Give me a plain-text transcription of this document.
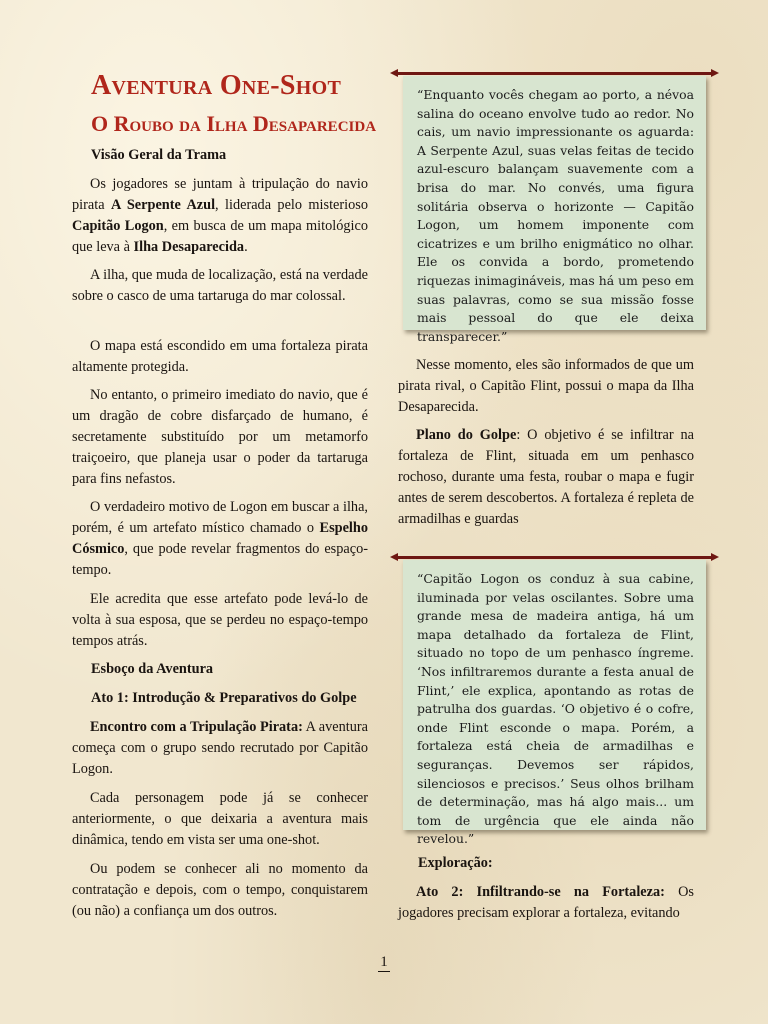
Aventura One-Shot
O Roubo da Ilha Desaparecida
Visão Geral da Trama

Os jogadores se juntam à tripulação do navio pirata A Serpente Azul, liderada pelo misterioso Capitão Logon, em busca de um mapa mitológico que leva à Ilha Desaparecida.

A ilha, que muda de localização, está na verdade sobre o casco de uma tartaruga do mar colossal.

O mapa está escondido em uma fortaleza pirata altamente protegida.

No entanto, o primeiro imediato do navio, que é um dragão de cobre disfarçado de humano, é secretamente substituído por um metamorfo traiçoeiro, que planeja usar o poder da tartaruga para fins nefastos.

O verdadeiro motivo de Logon em buscar a ilha, porém, é um artefato místico chamado o Espelho Cósmico, que pode revelar fragmentos do espaço-tempo.

Ele acredita que esse artefato pode levá-lo de volta à sua esposa, que se perdeu no espaço-tempo tempos atrás.

Esboço da Aventura
Ato 1: Introdução & Preparativos do Golpe

Encontro com a Tripulação Pirata: A aventura começa com o grupo sendo recrutado por Capitão Logon.

Cada personagem pode já se conhecer anteriormente, o que deixaria a aventura mais dinâmica, tendo em vista ser uma one-shot.

Ou podem se conhecer ali no momento da contratação e depois, com o tempo, conquistarem (ou não) a confiança um dos outros.

“Enquanto vocês chegam ao porto, a névoa salina do oceano envolve tudo ao redor. No cais, um navio impressionante os aguarda: A Serpente Azul, suas velas feitas de tecido azul-escuro balançam suavemente com a brisa do mar. No convés, uma figura solitária observa o horizonte — Capitão Logon, um homem imponente com cicatrizes e um brilho enigmático no olhar. Ele os convida a bordo, prometendo riquezas inimagináveis, mas há um peso em suas palavras, como se sua missão fosse mais pessoal do que ele deixa transparecer.”

Nesse momento, eles são informados de que um pirata rival, o Capitão Flint, possui o mapa da Ilha Desaparecida.

Plano do Golpe: O objetivo é se infiltrar na fortaleza de Flint, situada em um penhasco rochoso, durante uma festa, roubar o mapa e fugir antes de serem descobertos. A fortaleza é repleta de armadilhas e guardas

“Capitão Logon os conduz à sua cabine, iluminada por velas oscilantes. Sobre uma grande mesa de madeira antiga, há um mapa detalhado da fortaleza de Flint, situado no topo de um penhasco íngreme. ‘Nos infiltraremos durante a festa anual de Flint,’ ele explica, apontando as rotas de patrulha dos guardas. ‘O objetivo é o cofre, onde Flint esconde o mapa. Porém, a fortaleza está cheia de armadilhas e seguranças. Devemos ser rápidos, silenciosos e precisos.’ Seus olhos brilham de determinação, mas há algo mais... um tom de urgência que ele ainda não revelou.”

Exploração:

Ato 2: Infiltrando-se na Fortaleza: Os jogadores precisam explorar a fortaleza, evitando

1
